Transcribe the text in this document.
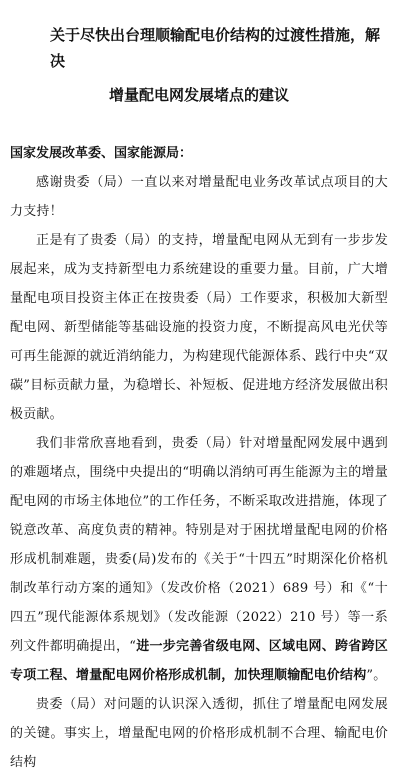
关于尽快出台理顺输配电价结构的过渡性措施，解决
增量配电网发展堵点的建议
国家发展改革委、国家能源局：

感谢贵委（局）一直以来对增量配电业务改革试点项目的大力支持！

正是有了贵委（局）的支持，增量配电网从无到有一步步发展起来，成为支持新型电力系统建设的重要力量。目前，广大增量配电项目投资主体正在按贵委（局）工作要求，积极加大新型配电网、新型储能等基础设施的投资力度，不断提高风电光伏等可再生能源的就近消纳能力，为构建现代能源体系、践行中央“双碳”目标贡献力量，为稳增长、补短板、促进地方经济发展做出积极贡献。

我们非常欣喜地看到，贵委（局）针对增量配网发展中遇到的难题堵点，围绕中央提出的“明确以消纳可再生能源为主的增量配电网的市场主体地位”的工作任务，不断采取改进措施，体现了锐意改革、高度负责的精神。特别是对于困扰增量配电网的价格形成机制难题，贵委(局)发布的《关于“十四五”时期深化价格机制改革行动方案的通知》（发改价格（2021）689 号）和《“十四五”现代能源体系规划》（发改能源（2022）210 号）等一系列文件都明确提出，“进一步完善省级电网、区域电网、跨省跨区专项工程、增量配电网价格形成机制，加快理顺输配电价结构”。

贵委（局）对问题的认识深入透彻，抓住了增量配电网发展的关键。事实上，增量配电网的价格形成机制不合理、输配电价结构
